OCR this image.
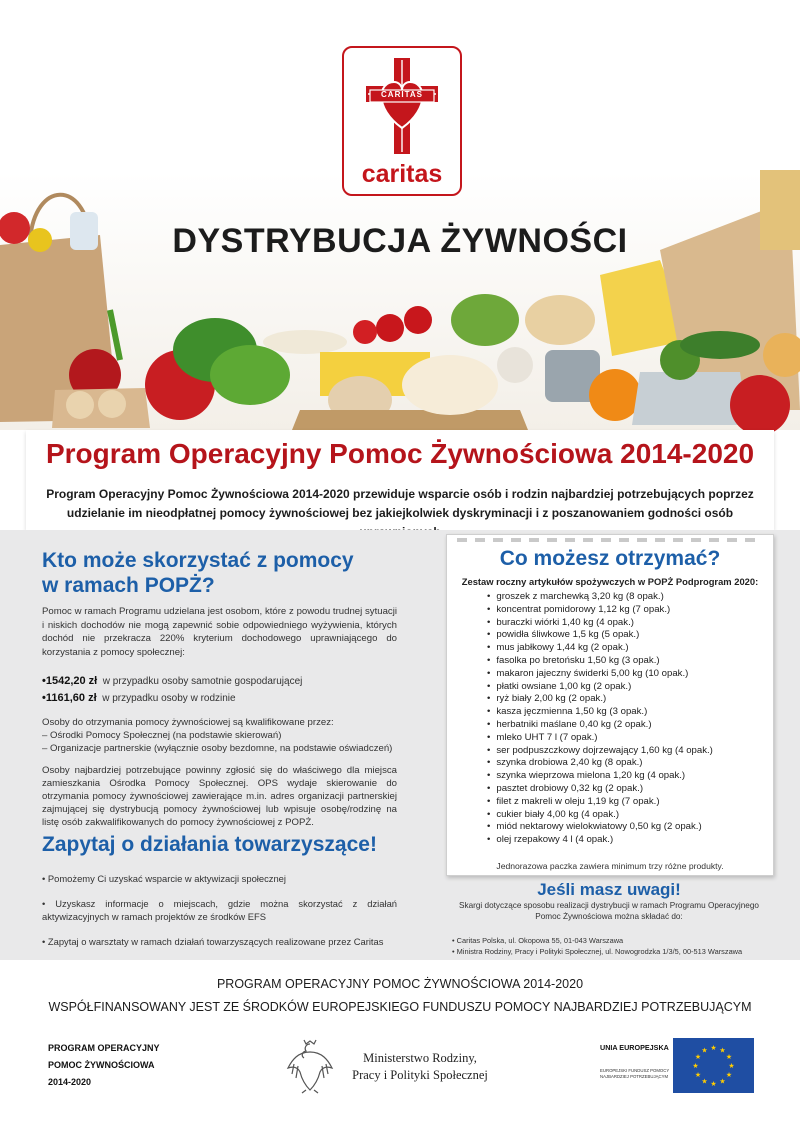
CARITAS
caritas
DYSTRYBUCJA ŻYWNOŚCI
Program Operacyjny Pomoc Żywnościowa 2014-2020
Program Operacyjny Pomoc Żywnościowa 2014-2020 przewiduje wsparcie osób i rodzin najbardziej potrzebujących poprzez udzielanie im nieodpłatnej pomocy żywnościowej bez jakiejkolwiek dyskryminacji i z poszanowaniem godności osób
Kto może skorzystać z pomocy
w ramach POPŻ?
Pomoc w ramach Programu udzielana jest osobom, które z powodu trudnej sytuacji i niskich dochodów nie mogą zapewnić sobie odpowiedniego wyżywienia, których dochód nie przekracza 220% kryterium dochodowego uprawniającego do korzystania z pomocy społecznej:
•1542,20 zł w przypadku osoby samotnie gospodarującej
•1161,60 zł w przypadku osoby w rodzinie
Osoby do otrzymania pomocy żywnościowej są kwalifikowane przez:
– Ośrodki Pomocy Społecznej (na podstawie skierowań)
– Organizacje partnerskie (wyłącznie osoby bezdomne, na podstawie oświadczeń)
Osoby najbardziej potrzebujące powinny zgłosić się do właściwego dla miejsca zamieszkania Ośrodka Pomocy Społecznej. OPS wydaje skierowanie do otrzymania pomocy żywnościowej zawierające m.in. adres organizacji partnerskiej zajmującej się dystrybucją pomocy żywnościowej lub wpisuje osobę/rodzinę na listę osób zakwalifikowanych do pomocy żywnościowej z POPŻ.
Zapytaj o działania towarzyszące!

• Pomożemy Ci uzyskać wsparcie w aktywizacji społecznej

• Uzyskasz informacje o miejscach, gdzie można skorzystać z działań aktywizacyjnych w ramach projektów ze środków EFS

• Zapytaj o warsztaty w ramach działań towarzyszących realizowane przez Caritas

Co możesz otrzymać?
Zestaw roczny artykułów spożywczych w POPŻ Podprogram 2020:
• groszek z marchewką 3,20 kg (8 opak.)
• koncentrat pomidorowy 1,12 kg (7 opak.)
• buraczki wiórki 1,40 kg (4 opak.)
• powidła śliwkowe 1,5 kg (5 opak.)
• mus jabłkowy 1,44 kg (2 opak.)
• fasolka po bretońsku 1,50 kg (3 opak.)
• makaron jajeczny świderki 5,00 kg (10 opak.)
• płatki owsiane 1,00 kg (2 opak.)
• ryż biały 2,00 kg (2 opak.)
• kasza jęczmienna 1,50 kg (3 opak.)
• herbatniki maślane 0,40 kg (2 opak.)
• mleko UHT 7 l (7 opak.)
• ser podpuszczkowy dojrzewający 1,60 kg (4 opak.)
• szynka drobiowa 2,40 kg (8 opak.)
• szynka wieprzowa mielona 1,20 kg (4 opak.)
• pasztet drobiowy 0,32 kg (2 opak.)
• filet z makreli w oleju 1,19 kg (7 opak.)
• cukier biały 4,00 kg (4 opak.)
• miód nektarowy wielokwiatowy 0,50 kg (2 opak.)
• olej rzepakowy 4 l (4 opak.)
Jednorazowa paczka zawiera minimum trzy różne produkty.
Jeśli masz uwagi!
Skargi dotyczące sposobu realizacji dystrybucji w ramach Programu Operacyjnego Pomoc Żywnościowa można składać do:
• Caritas Polska, ul. Okopowa 55, 01-043 Warszawa
• Ministra Rodziny, Pracy i Polityki Społecznej, ul. Nowogrodzka 1/3/5, 00-513 Warszawa
PROGRAM OPERACYJNY POMOC ŻYWNOŚCIOWA 2014-2020
WSPÓŁFINANSOWANY JEST ZE ŚRODKÓW EUROPEJSKIEGO FUNDUSZU POMOCY NAJBARDZIEJ POTRZEBUJĄCYM
PROGRAM OPERACYJNY
POMOC ŻYWNOŚCIOWA
2014-2020
Ministerstwo Rodziny,
Pracy i Polityki Społecznej
UNIA EUROPEJSKA
EUROPEJSKI FUNDUSZ POMOCY
NAJBARDZIEJ POTRZEBUJĄCYM
★ ★
★
★
★
★
★
★
★
★
★
★
